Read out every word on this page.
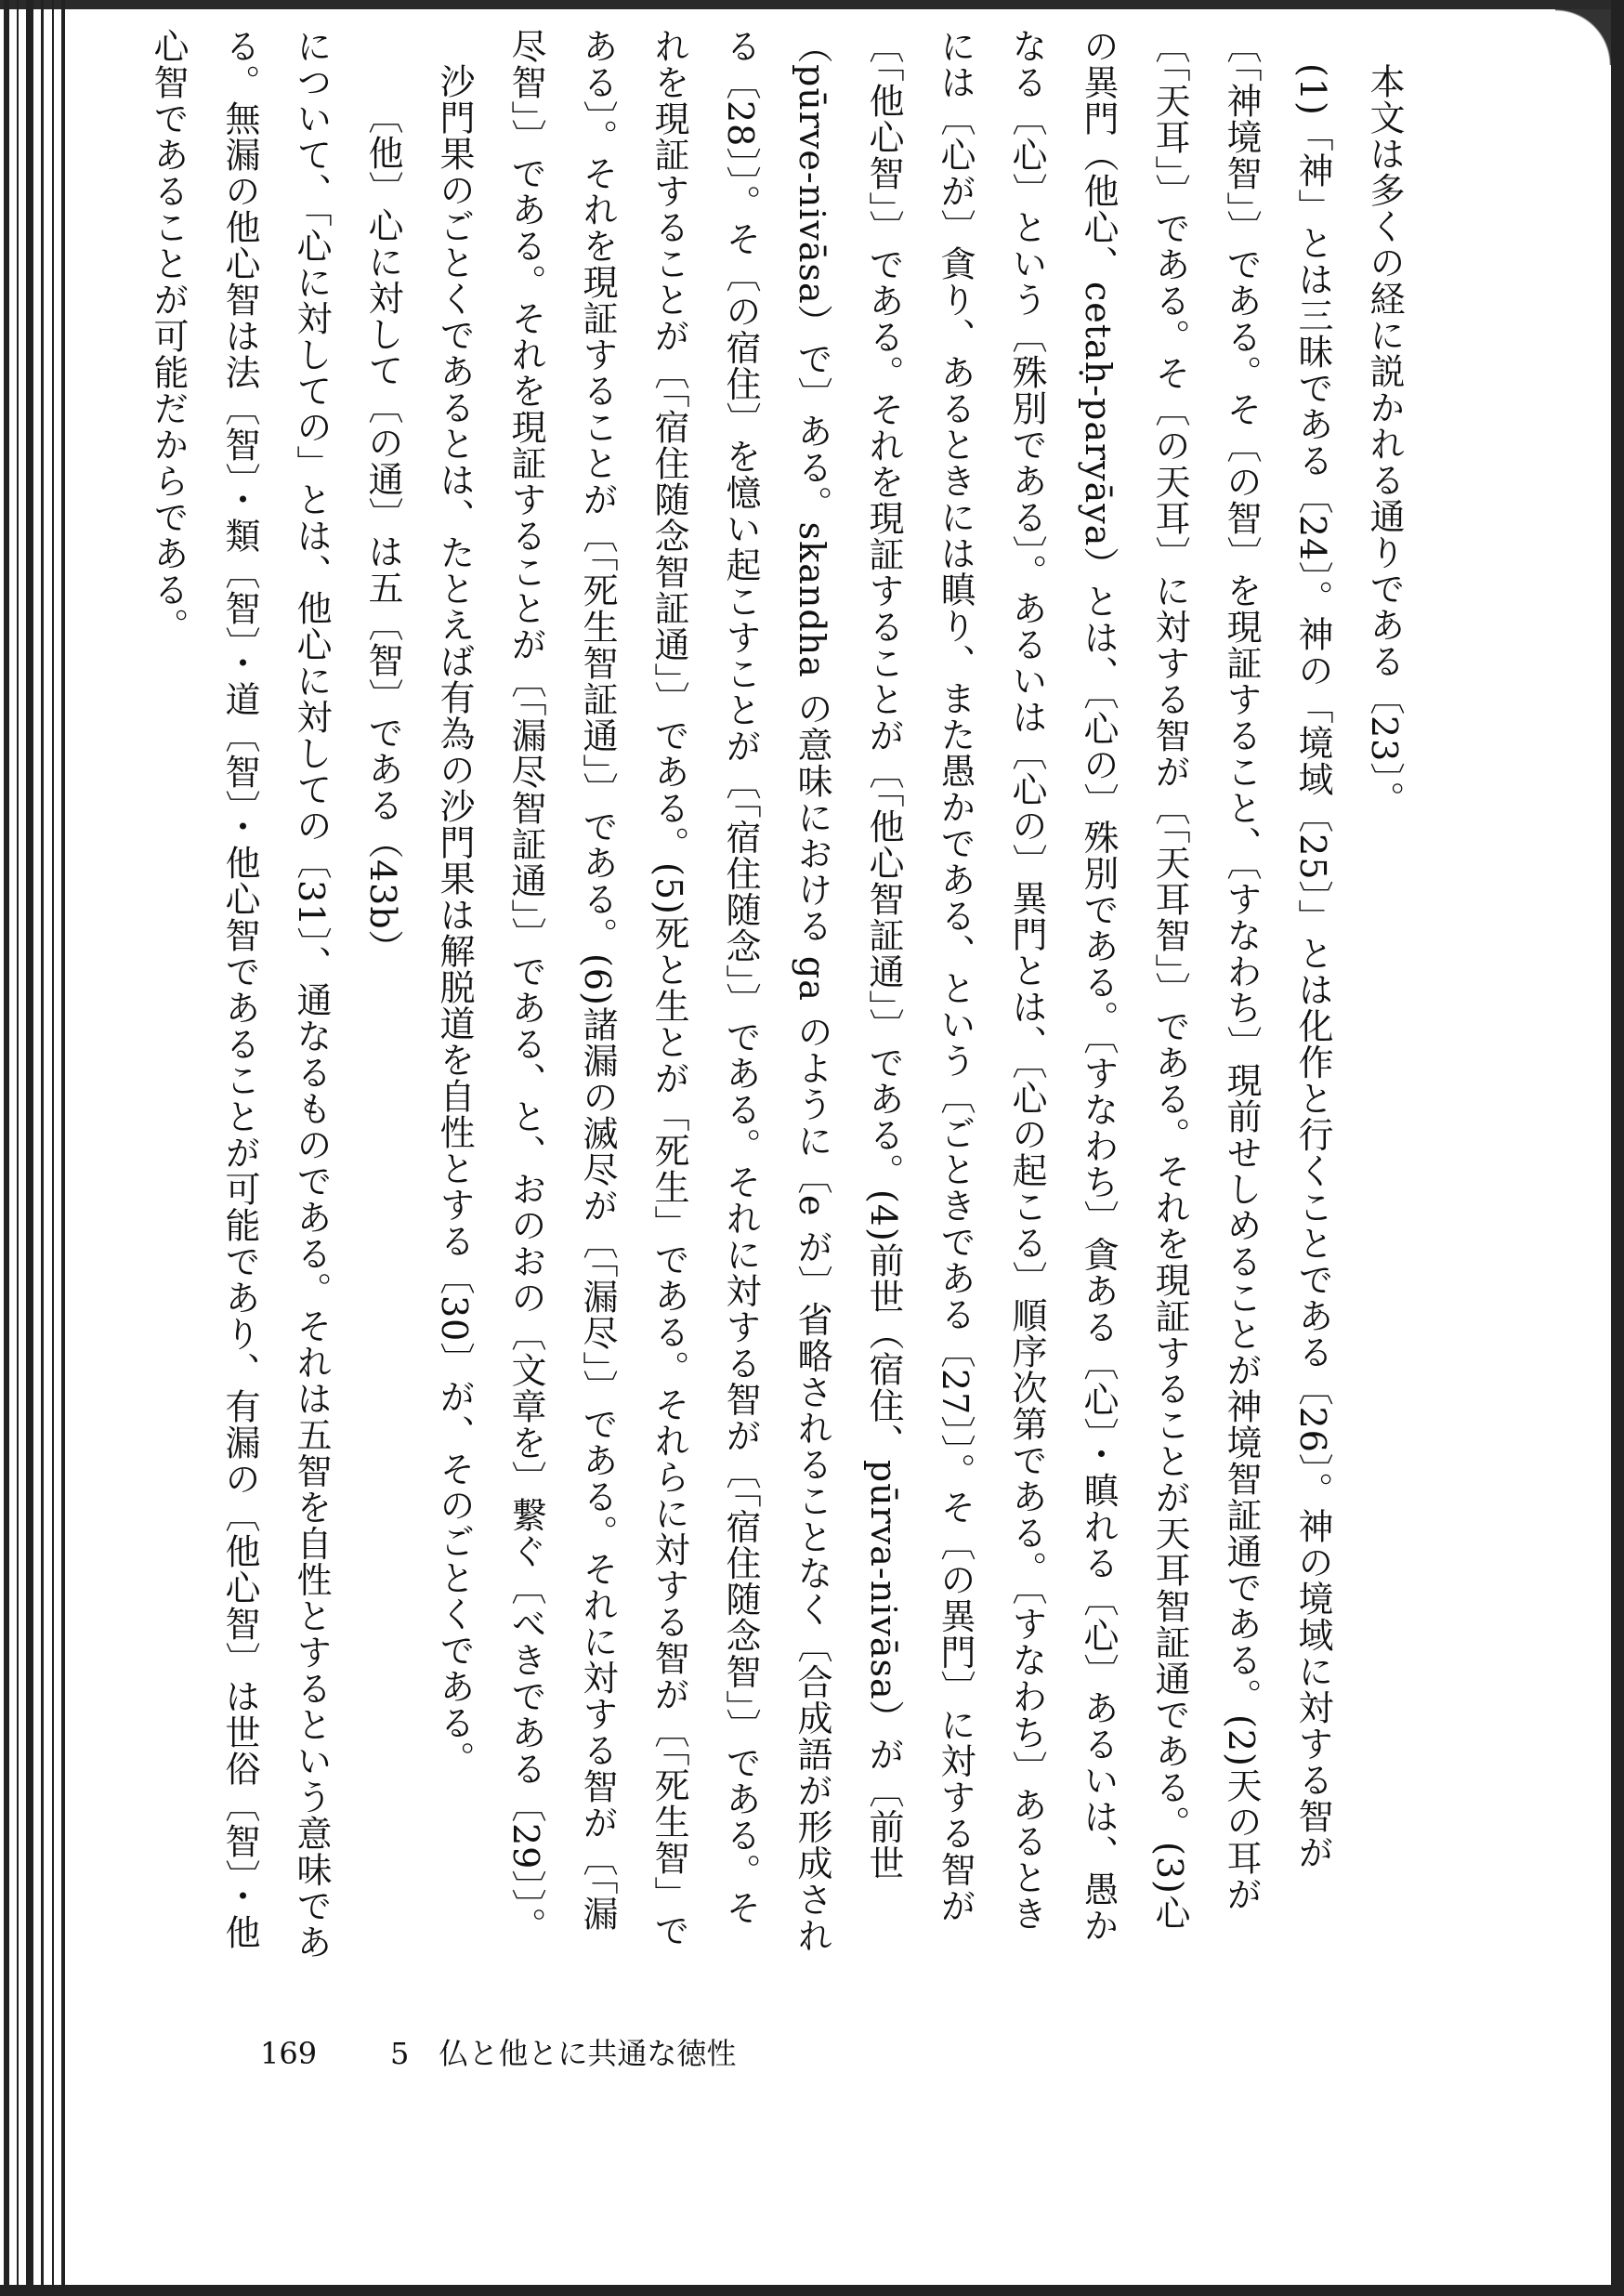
本文は多くの経に説かれる通りである〔23〕。

(1)「神」とは三昧である〔24〕。神の「境域〔25〕」とは化作と行くことである〔26〕。神の境域に対する智が〔「神境智」〕である。そ〔の智〕を現証すること、〔すなわち〕現前せしめることが神境智証通である。(2)天の耳が〔「天耳」〕である。そ〔の天耳〕に対する智が〔「天耳智」〕である。それを現証することが天耳智証通である。(3)心の異門（他心、cetaḥ-paryāya）とは、〔心の〕殊別である。〔すなわち〕貪ある〔心〕・瞋れる〔心〕あるいは、愚かなる〔心〕という〔殊別である〕。あるいは〔心の〕異門とは、〔心の起こる〕順序次第である。〔すなわち〕あるときには〔心が〕貪り、あるときには瞋り、また愚かである、という〔ごときである〔27〕〕。そ〔の異門〕に対する智が〔「他心智」〕である。それを現証することが〔「他心智証通」〕である。(4)前世（宿住、pūrva-nivāsa）が〔前世（pūrve-nivāsa）で〕ある。skandha の意味における ga のように〔e が〕省略されることなく〔合成語が形成される〔28〕〕。そ〔の宿住〕を憶い起こすことが〔「宿住随念」〕である。それに対する智が〔「宿住随念智」〕である。それを現証することが〔「宿住随念智証通」〕である。(5)死と生とが「死生」である。それらに対する智が〔「死生智」である〕。それを現証することが〔「死生智証通」〕である。(6)諸漏の滅尽が〔「漏尽」〕である。それに対する智が〔「漏尽智」〕である。それを現証することが〔「漏尽智証通」〕である、と、おのおの〔文章を〕繋ぐ〔べきである〔29〕〕。

沙門果のごとくであるとは、たとえば有為の沙門果は解脱道を自性とする〔30〕が、そのごとくである。

〔他〕心に対して〔の通〕は五〔智〕である（43b）

について、「心に対しての」とは、他心に対しての〔31〕、通なるものである。それは五智を自性とするという意味である。無漏の他心智は法〔智〕・類〔智〕・道〔智〕・他心智であることが可能であり、有漏の〔他心智〕は世俗〔智〕・他心智であることが可能だからである。

169 5　仏と他とに共通な徳性
